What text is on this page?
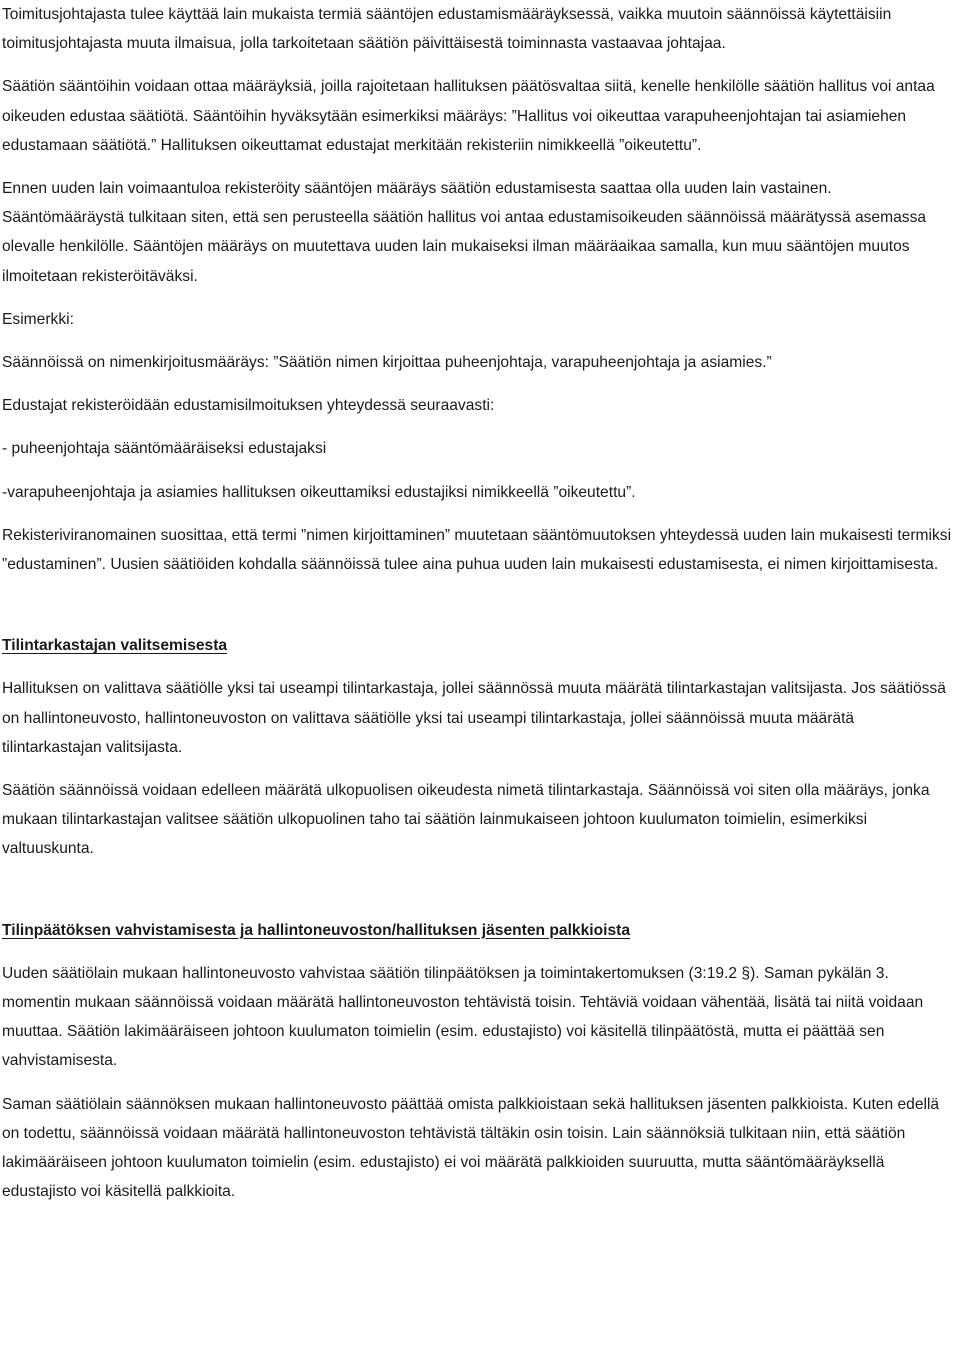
Toimitusjohtajasta tulee käyttää lain mukaista termiä sääntöjen edustamismääräyksessä, vaikka muutoin säännöissä käytettäisiin toimitusjohtajasta muuta ilmaisua, jolla tarkoitetaan säätiön päivittäisestä toiminnasta vastaavaa johtajaa.

Säätiön sääntöihin voidaan ottaa määräyksiä, joilla rajoitetaan hallituksen päätösvaltaa siitä, kenelle henkilölle säätiön hallitus voi antaa oikeuden edustaa säätiötä. Sääntöihin hyväksytään esimerkiksi määräys: ”Hallitus voi oikeuttaa varapuheenjohtajan tai asiamiehen edustamaan säätiötä.” Hallituksen oikeuttamat edustajat merkitään rekisteriin nimikkeellä ”oikeutettu”.

Ennen uuden lain voimaantuloa rekisteröity sääntöjen määräys säätiön edustamisesta saattaa olla uuden lain vastainen. Sääntömääräystä tulkitaan siten, että sen perusteella säätiön hallitus voi antaa edustamisoikeuden säännöissä määrätyssä asemassa olevalle henkilölle. Sääntöjen määräys on muutettava uuden lain mukaiseksi ilman määräaikaa samalla, kun muu sääntöjen muutos ilmoitetaan rekisteröitäväksi.

Esimerkki:

Säännöissä on nimenkirjoitusmääräys: ”Säätiön nimen kirjoittaa puheenjohtaja, varapuheenjohtaja ja asiamies.”

Edustajat rekisteröidään edustamisilmoituksen yhteydessä seuraavasti:

- puheenjohtaja sääntömääräiseksi edustajaksi

-varapuheenjohtaja ja asiamies hallituksen oikeuttamiksi edustajiksi nimikkeellä ”oikeutettu”.

Rekisteriviranomainen suosittaa, että termi ”nimen kirjoittaminen” muutetaan sääntömuutoksen yhteydessä uuden lain mukaisesti termiksi ”edustaminen”. Uusien säätiöiden kohdalla säännöissä tulee aina puhua uuden lain mukaisesti edustamisesta, ei nimen kirjoittamisesta.

Tilintarkastajan valitsemisesta

Hallituksen on valittava säätiölle yksi tai useampi tilintarkastaja, jollei säännössä muuta määrätä tilintarkastajan valitsijasta. Jos säätiössä on hallintoneuvosto, hallintoneuvoston on valittava säätiölle yksi tai useampi tilintarkastaja, jollei säännöissä muuta määrätä tilintarkastajan valitsijasta.

Säätiön säännöissä voidaan edelleen määrätä ulkopuolisen oikeudesta nimetä tilintarkastaja. Säännöissä voi siten olla määräys, jonka mukaan tilintarkastajan valitsee säätiön ulkopuolinen taho tai säätiön lainmukaiseen johtoon kuulumaton toimielin, esimerkiksi valtuuskunta.

Tilinpäätöksen vahvistamisesta ja hallintoneuvoston/hallituksen jäsenten palkkioista

Uuden säätiölain mukaan hallintoneuvosto vahvistaa säätiön tilinpäätöksen ja toimintakertomuksen (3:19.2 §). Saman pykälän 3. momentin mukaan säännöissä voidaan määrätä hallintoneuvoston tehtävistä toisin. Tehtäviä voidaan vähentää, lisätä tai niitä voidaan muuttaa. Säätiön lakimääräiseen johtoon kuulumaton toimielin (esim. edustajisto) voi käsitellä tilinpäätöstä, mutta ei päättää sen vahvistamisesta.

Saman säätiölain säännöksen mukaan hallintoneuvosto päättää omista palkkioistaan sekä hallituksen jäsenten palkkioista. Kuten edellä on todettu, säännöissä voidaan määrätä hallintoneuvoston tehtävistä tältäkin osin toisin. Lain säännöksiä tulkitaan niin, että säätiön lakimääräiseen johtoon kuulumaton toimielin (esim. edustajisto) ei voi määrätä palkkioiden suuruutta, mutta sääntömääräyksellä edustajisto voi käsitellä palkkioita.
